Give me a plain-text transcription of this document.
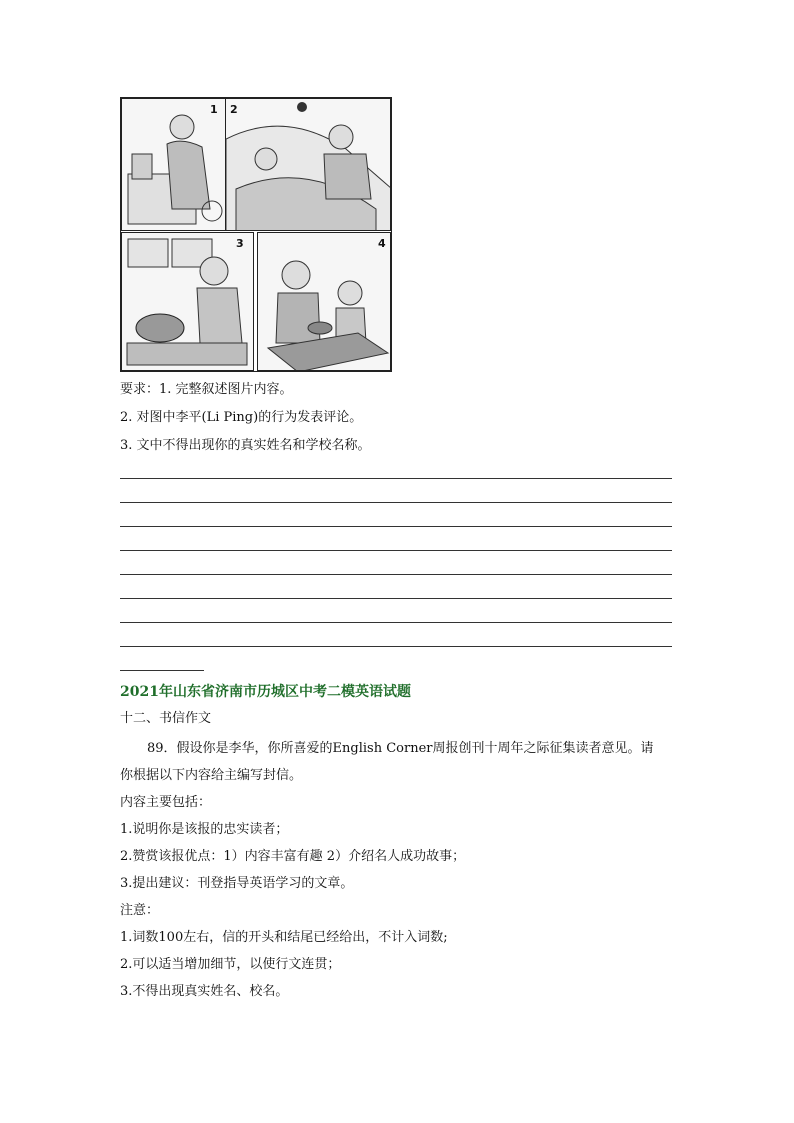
1 2
3	4
要求：1. 完整叙述图片内容。
2. 对图中李平(Li Ping)的行为发表评论。
3. 文中不得出现你的真实姓名和学校名称。
2021年山东省济南市历城区中考二模英语试题
十二、书信作文
89．假设你是李华，你所喜爱的English Corner周报创刊十周年之际征集读者意见。请
你根据以下内容给主编写封信。
内容主要包括：
1.说明你是该报的忠实读者；
2.赞赏该报优点：1）内容丰富有趣 2）介绍名人成功故事；
3.提出建议：刊登指导英语学习的文章。
注意：
1.词数100左右，信的开头和结尾已经给出，不计入词数;
2.可以适当增加细节，以使行文连贯；
3.不得出现真实姓名、校名。
